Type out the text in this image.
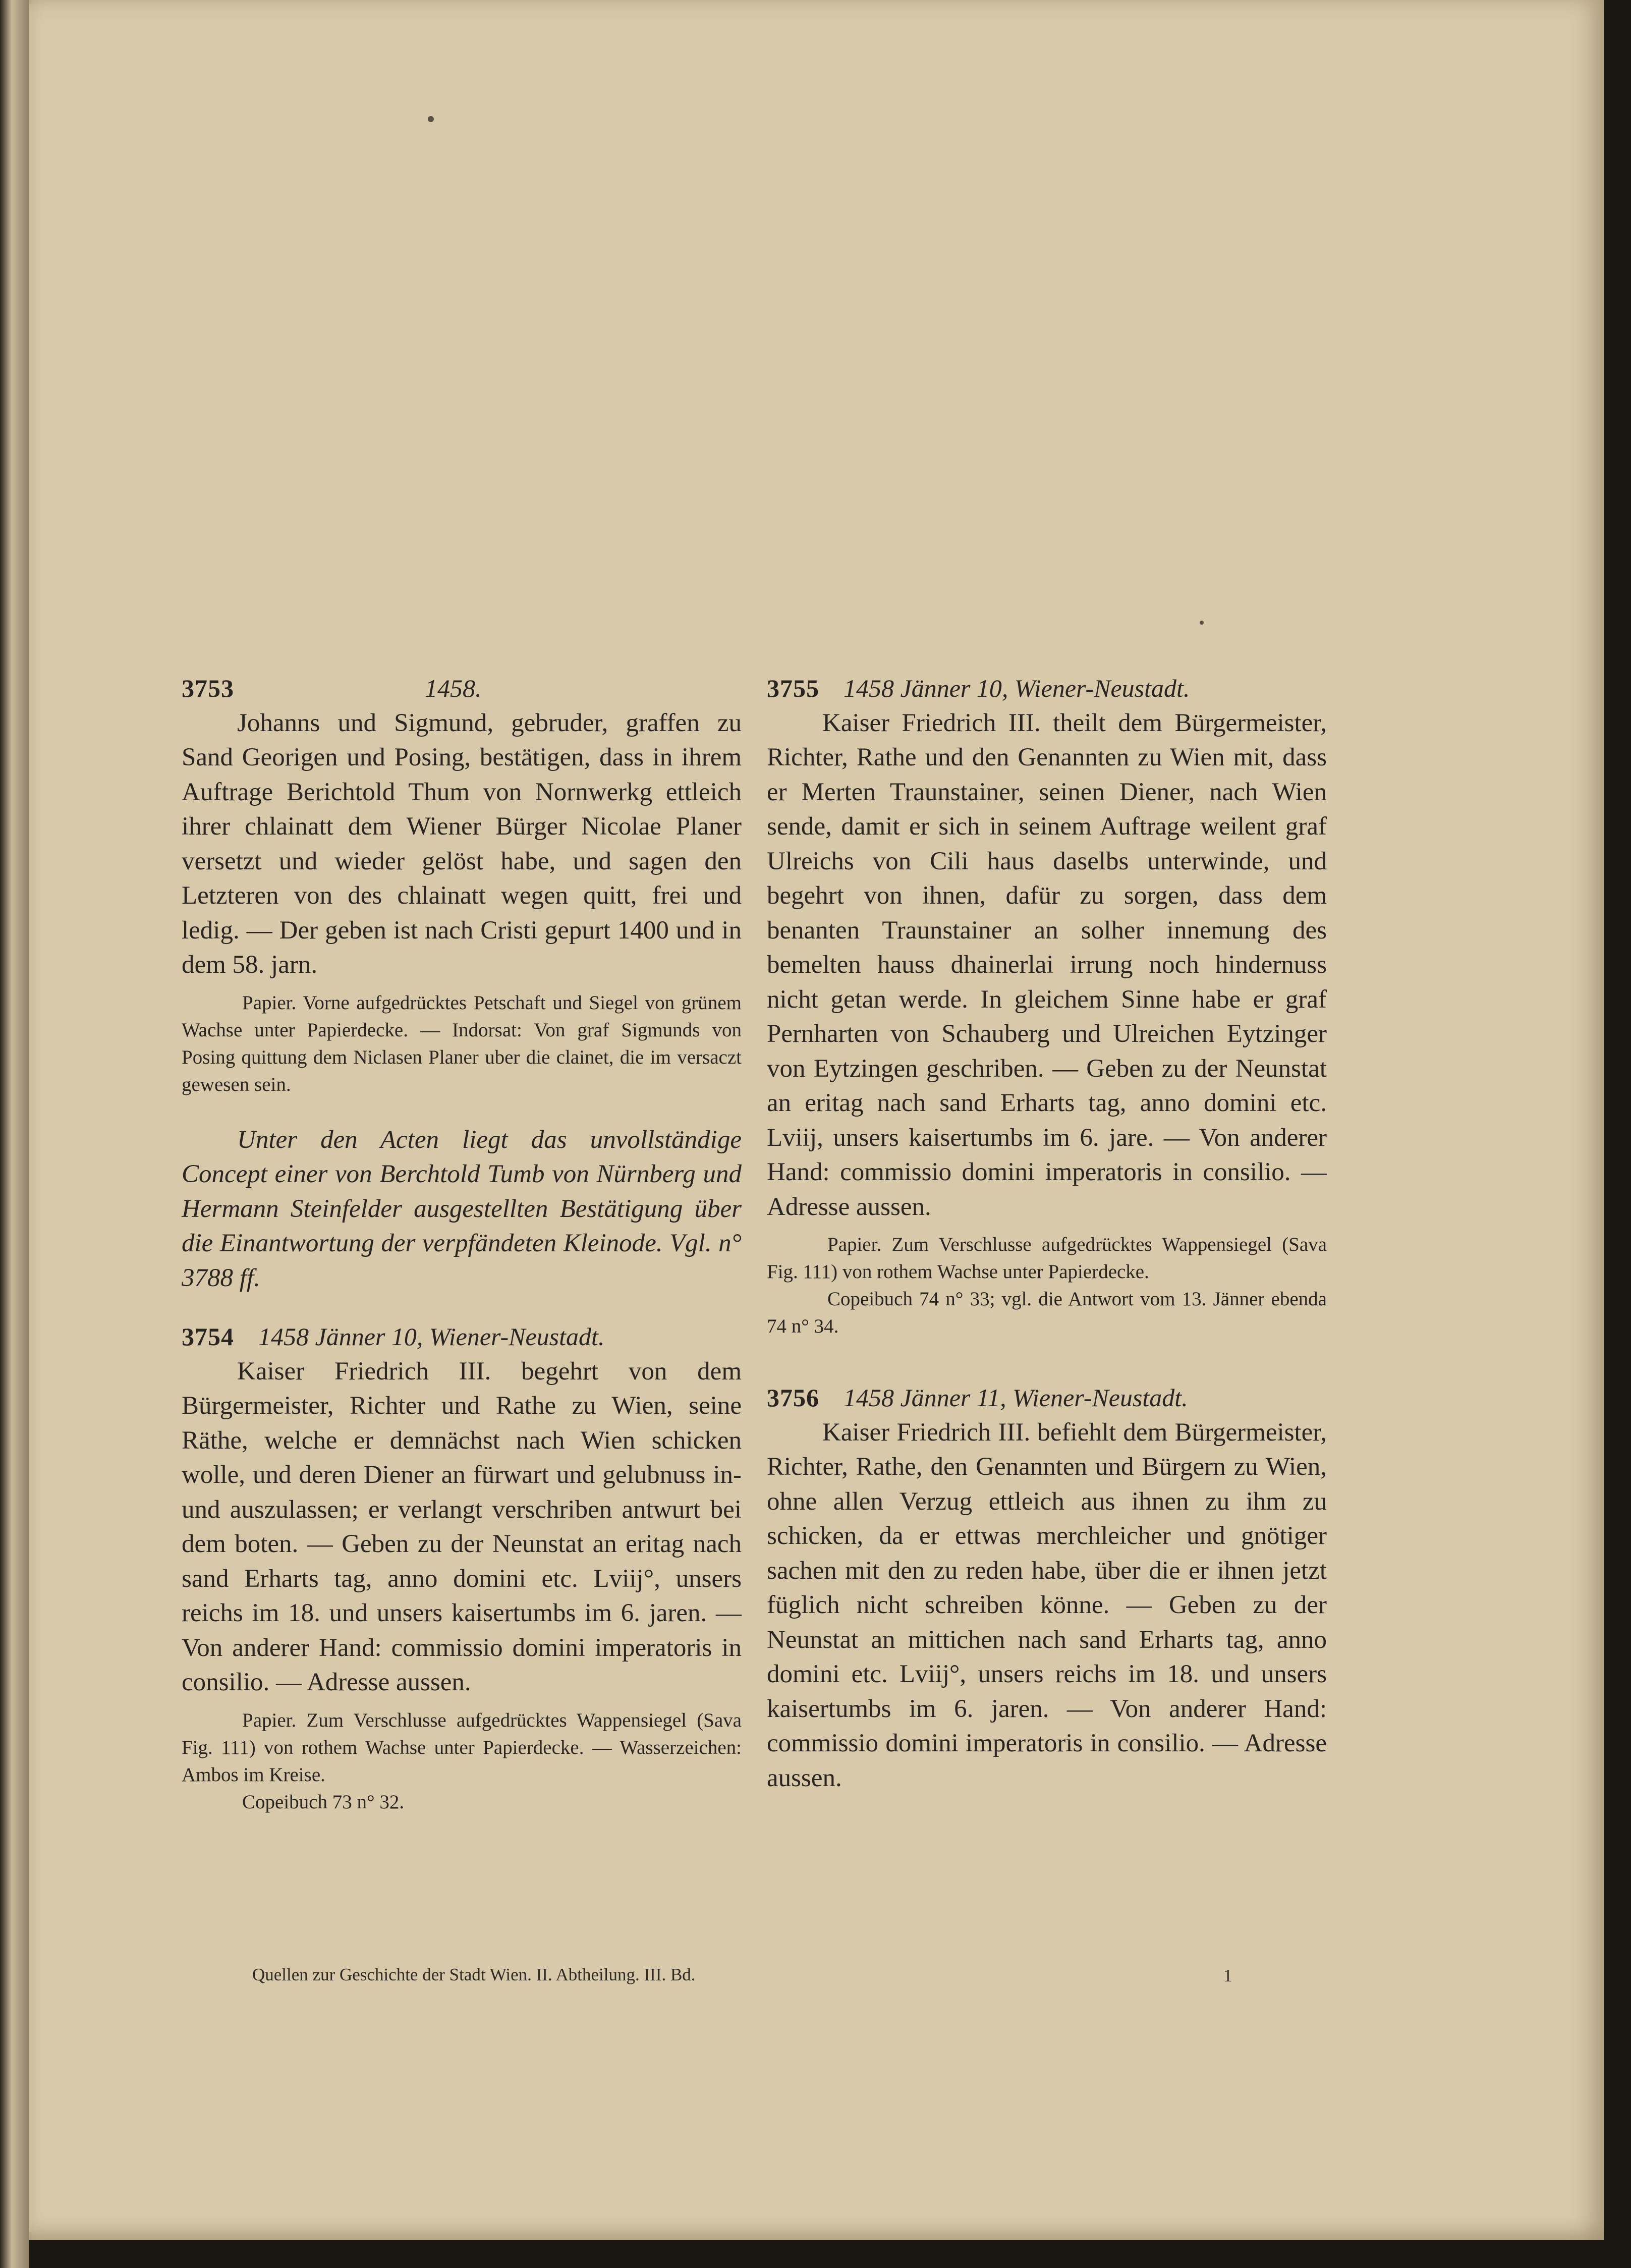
3753	1458.

Johanns und Sigmund, gebruder, graffen zu Sand Georigen und Posing, bestätigen, dass in ihrem Auftrage Berichtold Thum von Nornwerkg ettleich ihrer chlainatt dem Wiener Bürger Nicolae Planer versetzt und wieder gelöst habe, und sagen den Letzteren von des chlainatt wegen quitt, frei und ledig. — Der geben ist nach Cristi gepurt 1400 und in dem 58. jarn.

Papier. Vorne aufgedrücktes Petschaft und Siegel von grünem Wachse unter Papierdecke. — Indorsat: Von graf Sigmunds von Posing quittung dem Niclasen Planer uber die clainet, die im versaczt gewesen sein.

Unter den Acten liegt das unvollständige Concept einer von Berchtold Tumb von Nürnberg und Hermann Steinfelder ausgestellten Bestätigung über die Einantwortung der verpfändeten Kleinode. Vgl. n° 3788 ff.

3754 1458 Jänner 10, Wiener-Neustadt.

Kaiser Friedrich III. begehrt von dem Bürgermeister, Richter und Rathe zu Wien, seine Räthe, welche er demnächst nach Wien schicken wolle, und deren Diener an fürwart und gelubnuss in- und auszulassen; er verlangt verschriben antwurt bei dem boten. — Geben zu der Neunstat an eritag nach sand Erharts tag, anno domini etc. Lviij°, unsers reichs im 18. und unsers kaisertumbs im 6. jaren. — Von anderer Hand: commissio domini imperatoris in consilio. — Adresse aussen.

Papier. Zum Verschlusse aufgedrücktes Wappensiegel (Sava Fig. 111) von rothem Wachse unter Papierdecke. — Wasserzeichen: Ambos im Kreise.

Copeibuch 73 n° 32.

3755 1458 Jänner 10, Wiener-Neustadt.

Kaiser Friedrich III. theilt dem Bürgermeister, Richter, Rathe und den Genannten zu Wien mit, dass er Merten Traunstainer, seinen Diener, nach Wien sende, damit er sich in seinem Auftrage weilent graf Ulreichs von Cili haus daselbs unterwinde, und begehrt von ihnen, dafür zu sorgen, dass dem benanten Traunstainer an solher innemung des bemelten hauss dhainerlai irrung noch hindernuss nicht getan werde. In gleichem Sinne habe er graf Pernharten von Schauberg und Ulreichen Eytzinger von Eytzingen geschriben. — Geben zu der Neunstat an eritag nach sand Erharts tag, anno domini etc. Lviij, unsers kaisertumbs im 6. jare. — Von anderer Hand: commissio domini imperatoris in consilio. — Adresse aussen.

Papier. Zum Verschlusse aufgedrücktes Wappensiegel (Sava Fig. 111) von rothem Wachse unter Papierdecke.

Copeibuch 74 n° 33; vgl. die Antwort vom 13. Jänner ebenda 74 n° 34.

3756 1458 Jänner 11, Wiener-Neustadt.

Kaiser Friedrich III. befiehlt dem Bürgermeister, Richter, Rathe, den Genannten und Bürgern zu Wien, ohne allen Verzug ettleich aus ihnen zu ihm zu schicken, da er ettwas merchleicher und gnötiger sachen mit den zu reden habe, über die er ihnen jetzt füglich nicht schreiben könne. — Geben zu der Neunstat an mittichen nach sand Erharts tag, anno domini etc. Lviij°, unsers reichs im 18. und unsers kaisertumbs im 6. jaren. — Von anderer Hand: commissio domini imperatoris in consilio. — Adresse aussen.

Quellen zur Geschichte der Stadt Wien. II. Abtheilung. III. Bd.	1
